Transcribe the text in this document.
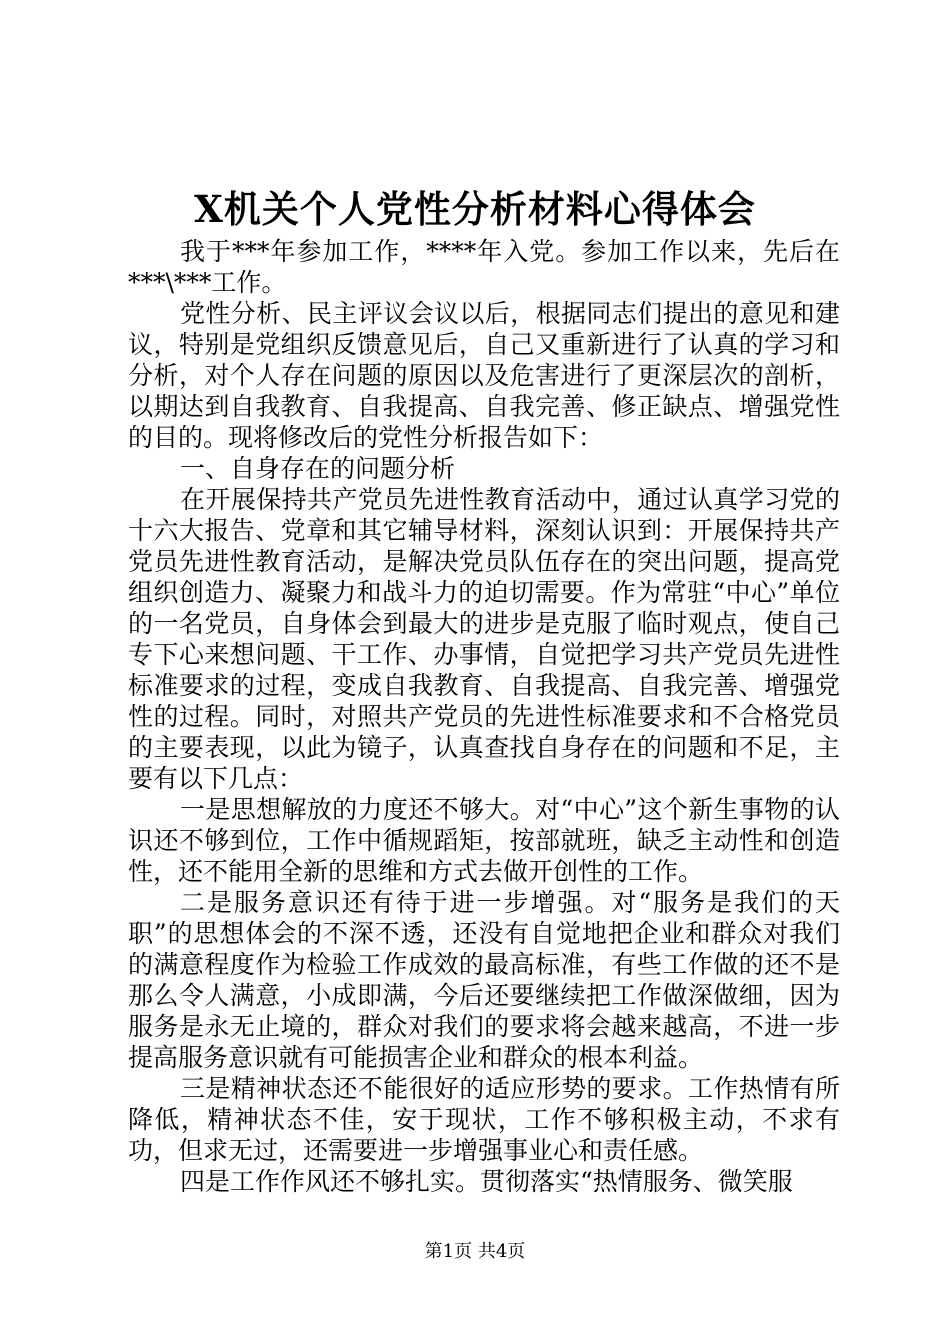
X机关个人党性分析材料心得体会

我于***年参加工作，****年入党。参加工作以来，先后在***\***工作。

党性分析、民主评议会议以后，根据同志们提出的意见和建议，特别是党组织反馈意见后，自己又重新进行了认真的学习和分析，对个人存在问题的原因以及危害进行了更深层次的剖析，以期达到自我教育、自我提高、自我完善、修正缺点、增强党性的目的。现将修改后的党性分析报告如下：

一、自身存在的问题分析

在开展保持共产党员先进性教育活动中，通过认真学习党的十六大报告、党章和其它辅导材料，深刻认识到：开展保持共产党员先进性教育活动，是解决党员队伍存在的突出问题，提高党组织创造力、凝聚力和战斗力的迫切需要。作为常驻“中心”单位的一名党员，自身体会到最大的进步是克服了临时观点，使自己专下心来想问题、干工作、办事情，自觉把学习共产党员先进性标准要求的过程，变成自我教育、自我提高、自我完善、增强党性的过程。同时，对照共产党员的先进性标准要求和不合格党员的主要表现，以此为镜子，认真查找自身存在的问题和不足，主要有以下几点：

一是思想解放的力度还不够大。对“中心”这个新生事物的认识还不够到位，工作中循规蹈矩，按部就班，缺乏主动性和创造性，还不能用全新的思维和方式去做开创性的工作。

二是服务意识还有待于进一步增强。对“服务是我们的天职”的思想体会的不深不透，还没有自觉地把企业和群众对我们的满意程度作为检验工作成效的最高标准，有些工作做的还不是那么令人满意，小成即满，今后还要继续把工作做深做细，因为服务是永无止境的，群众对我们的要求将会越来越高，不进一步提高服务意识就有可能损害企业和群众的根本利益。

三是精神状态还不能很好的适应形势的要求。工作热情有所降低，精神状态不佳，安于现状，工作不够积极主动，不求有功，但求无过，还需要进一步增强事业心和责任感。

四是工作作风还不够扎实。贯彻落实“热情服务、微笑服

第1页 共4页
